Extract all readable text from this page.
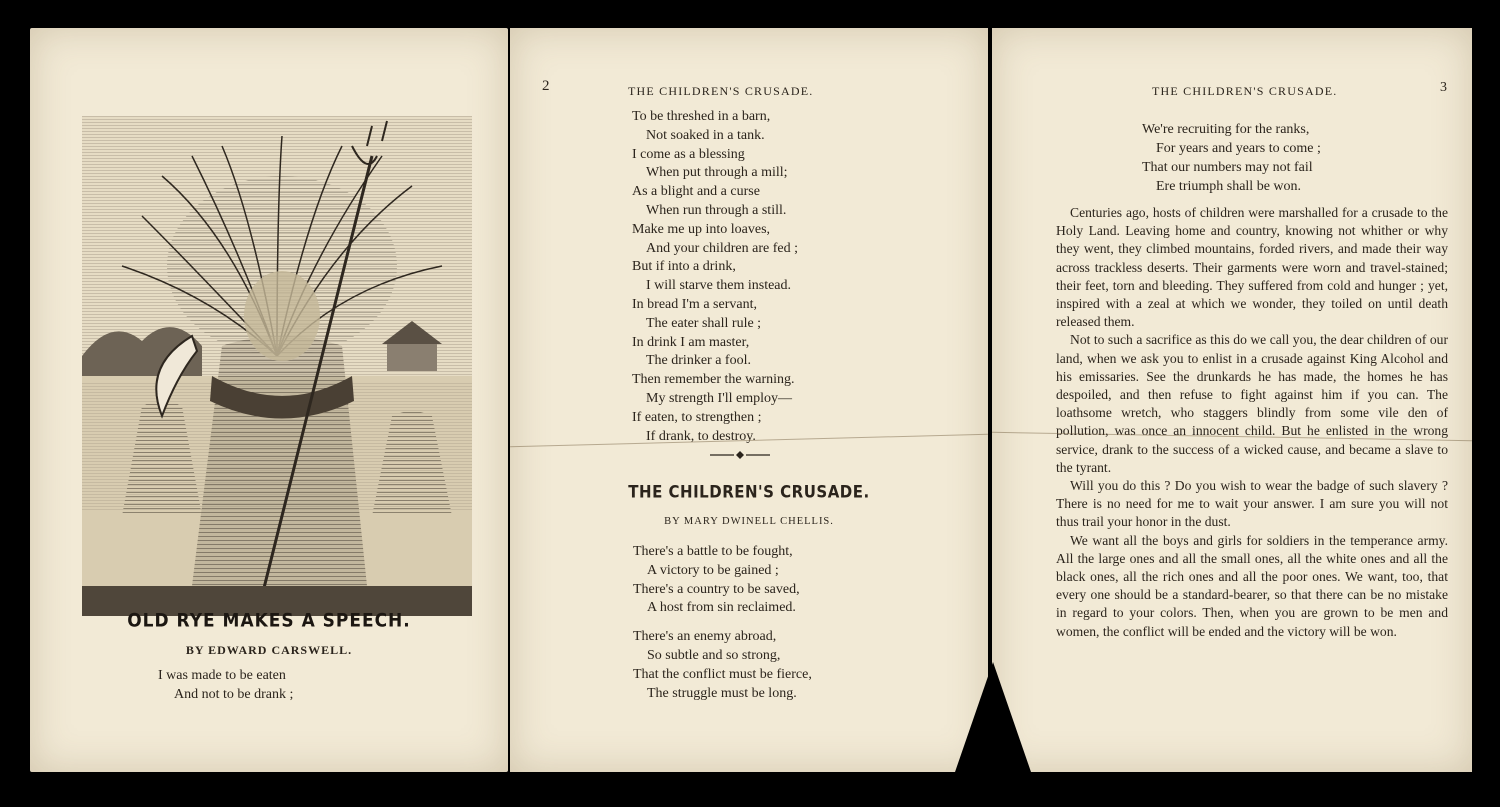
OLD RYE MAKES A SPEECH.
BY EDWARD CARSWELL.
I was made to be eaten
And not to be drank ;
2	THE CHILDREN'S CRUSADE.
To be threshed in a barn,
Not soaked in a tank.
I come as a blessing
When put through a mill;
As a blight and a curse
When run through a still.
Make me up into loaves,
And your children are fed ;
But if into a drink,
I will starve them instead.
In bread I'm a servant,
The eater shall rule ;
In drink I am master,
The drinker a fool.
Then remember the warning.
My strength I'll employ—
If eaten, to strengthen ;
If drank, to destroy.
THE CHILDREN'S CRUSADE.
BY MARY DWINELL CHELLIS.
There's a battle to be fought,
A victory to be gained ;
There's a country to be saved,
A host from sin reclaimed.
There's an enemy abroad,
So subtle and so strong,
That the conflict must be fierce,
The struggle must be long.
THE CHILDREN'S CRUSADE.	3
We're recruiting for the ranks,
For years and years to come ;
That our numbers may not fail
Ere triumph shall be won.

Centuries ago, hosts of children were marshalled for a crusade to the Holy Land. Leaving home and country, knowing not whither or why they went, they climbed mountains, forded rivers, and made their way across trackless deserts. Their garments were worn and travel-stained; their feet, torn and bleeding. They suffered from cold and hunger ; yet, inspired with a zeal at which we wonder, they toiled on until death released them.

Not to such a sacrifice as this do we call you, the dear children of our land, when we ask you to enlist in a crusade against King Alcohol and his emissaries. See the drunkards he has made, the homes he has despoiled, and then refuse to fight against him if you can. The loathsome wretch, who staggers blindly from some vile den of pollution, was once an innocent child. But he enlisted in the wrong service, drank to the success of a wicked cause, and became a slave to the tyrant.

Will you do this ? Do you wish to wear the badge of such slavery ? There is no need for me to wait your answer. I am sure you will not thus trail your honor in the dust.

We want all the boys and girls for soldiers in the temperance army. All the large ones and all the small ones, all the white ones and all the black ones, all the rich ones and all the poor ones. We want, too, that every one should be a standard-bearer, so that there can be no mistake in regard to your colors. Then, when you are grown to be men and women, the conflict will be ended and the victory will be won.
